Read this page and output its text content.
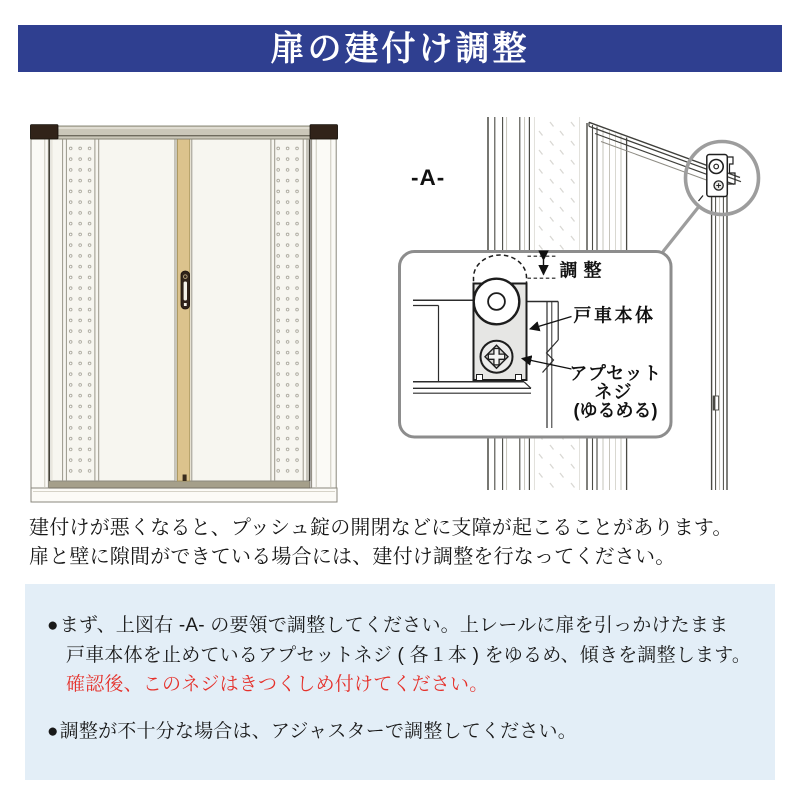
扉の建付け調整
-A-
調整
戸車本体
アプセット
ネジ
(ゆるめる)
建付けが悪くなると、プッシュ錠の開閉などに支障が起こることがあります。
扉と壁に隙間ができている場合には、建付け調整を行なってください。
●まず、上図右 -A- の要領で調整してください。上レールに扉を引っかけたまま
戸車本体を止めているアプセットネジ ( 各１本 ) をゆるめ、傾きを調整します。
確認後、このネジはきつくしめ付けてください。
●調整が不十分な場合は、アジャスターで調整してください。
